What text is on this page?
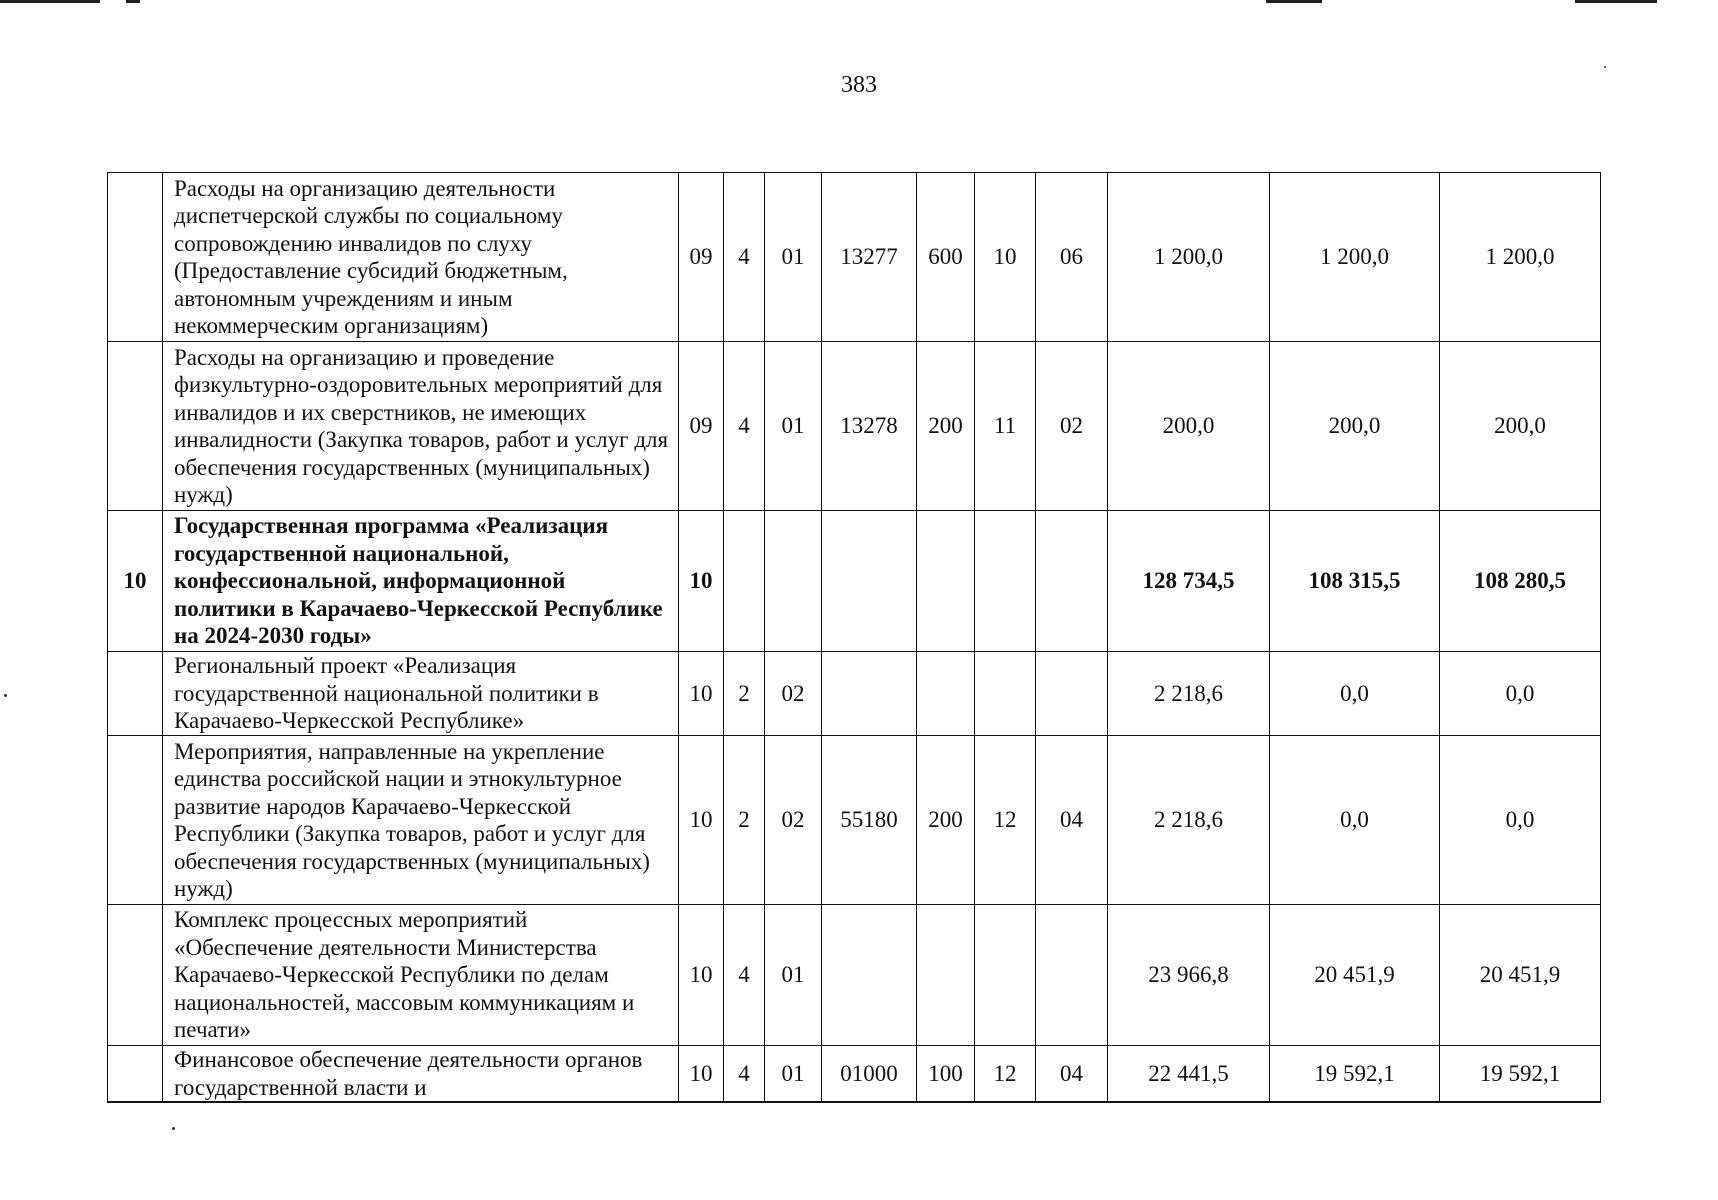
383
	Расходы на организацию деятельности диспетчерской службы по социальному сопровождению инвалидов по слуху (Предоставление субсидий бюджетным, автономным учреждениям и иным некоммерческим организациям)	09	4	01	13277	600	10	06	1 200,0	1 200,0	1 200,0
	Расходы на организацию и проведение физкультурно-оздоровительных мероприятий для инвалидов и их сверстников, не имеющих инвалидности (Закупка товаров, работ и услуг для обеспечения государственных (муниципальных) нужд)	09	4	01	13278	200	11	02	200,0	200,0	200,0
10	Государственная программа «Реализация государственной национальной, конфессиональной, информационной политики в Карачаево-Черкесской Республике на 2024-2030 годы»	10							128 734,5	108 315,5	108 280,5
	Региональный проект «Реализация государственной национальной политики в Карачаево-Черкесской Республике»	10	2	02					2 218,6	0,0	0,0
	Мероприятия, направленные на укрепление единства российской нации и этнокультурное развитие народов Карачаево-Черкесской Республики (Закупка товаров, работ и услуг для обеспечения государственных (муниципальных) нужд)	10	2	02	55180	200	12	04	2 218,6	0,0	0,0
	Комплекс процессных мероприятий «Обеспечение деятельности Министерства Карачаево-Черкесской Республики по делам национальностей, массовым коммуникациям и печати»	10	4	01					23 966,8	20 451,9	20 451,9
	Финансовое обеспечение деятельности органов государственной власти и	10	4	01	01000	100	12	04	22 441,5	19 592,1	19 592,1
